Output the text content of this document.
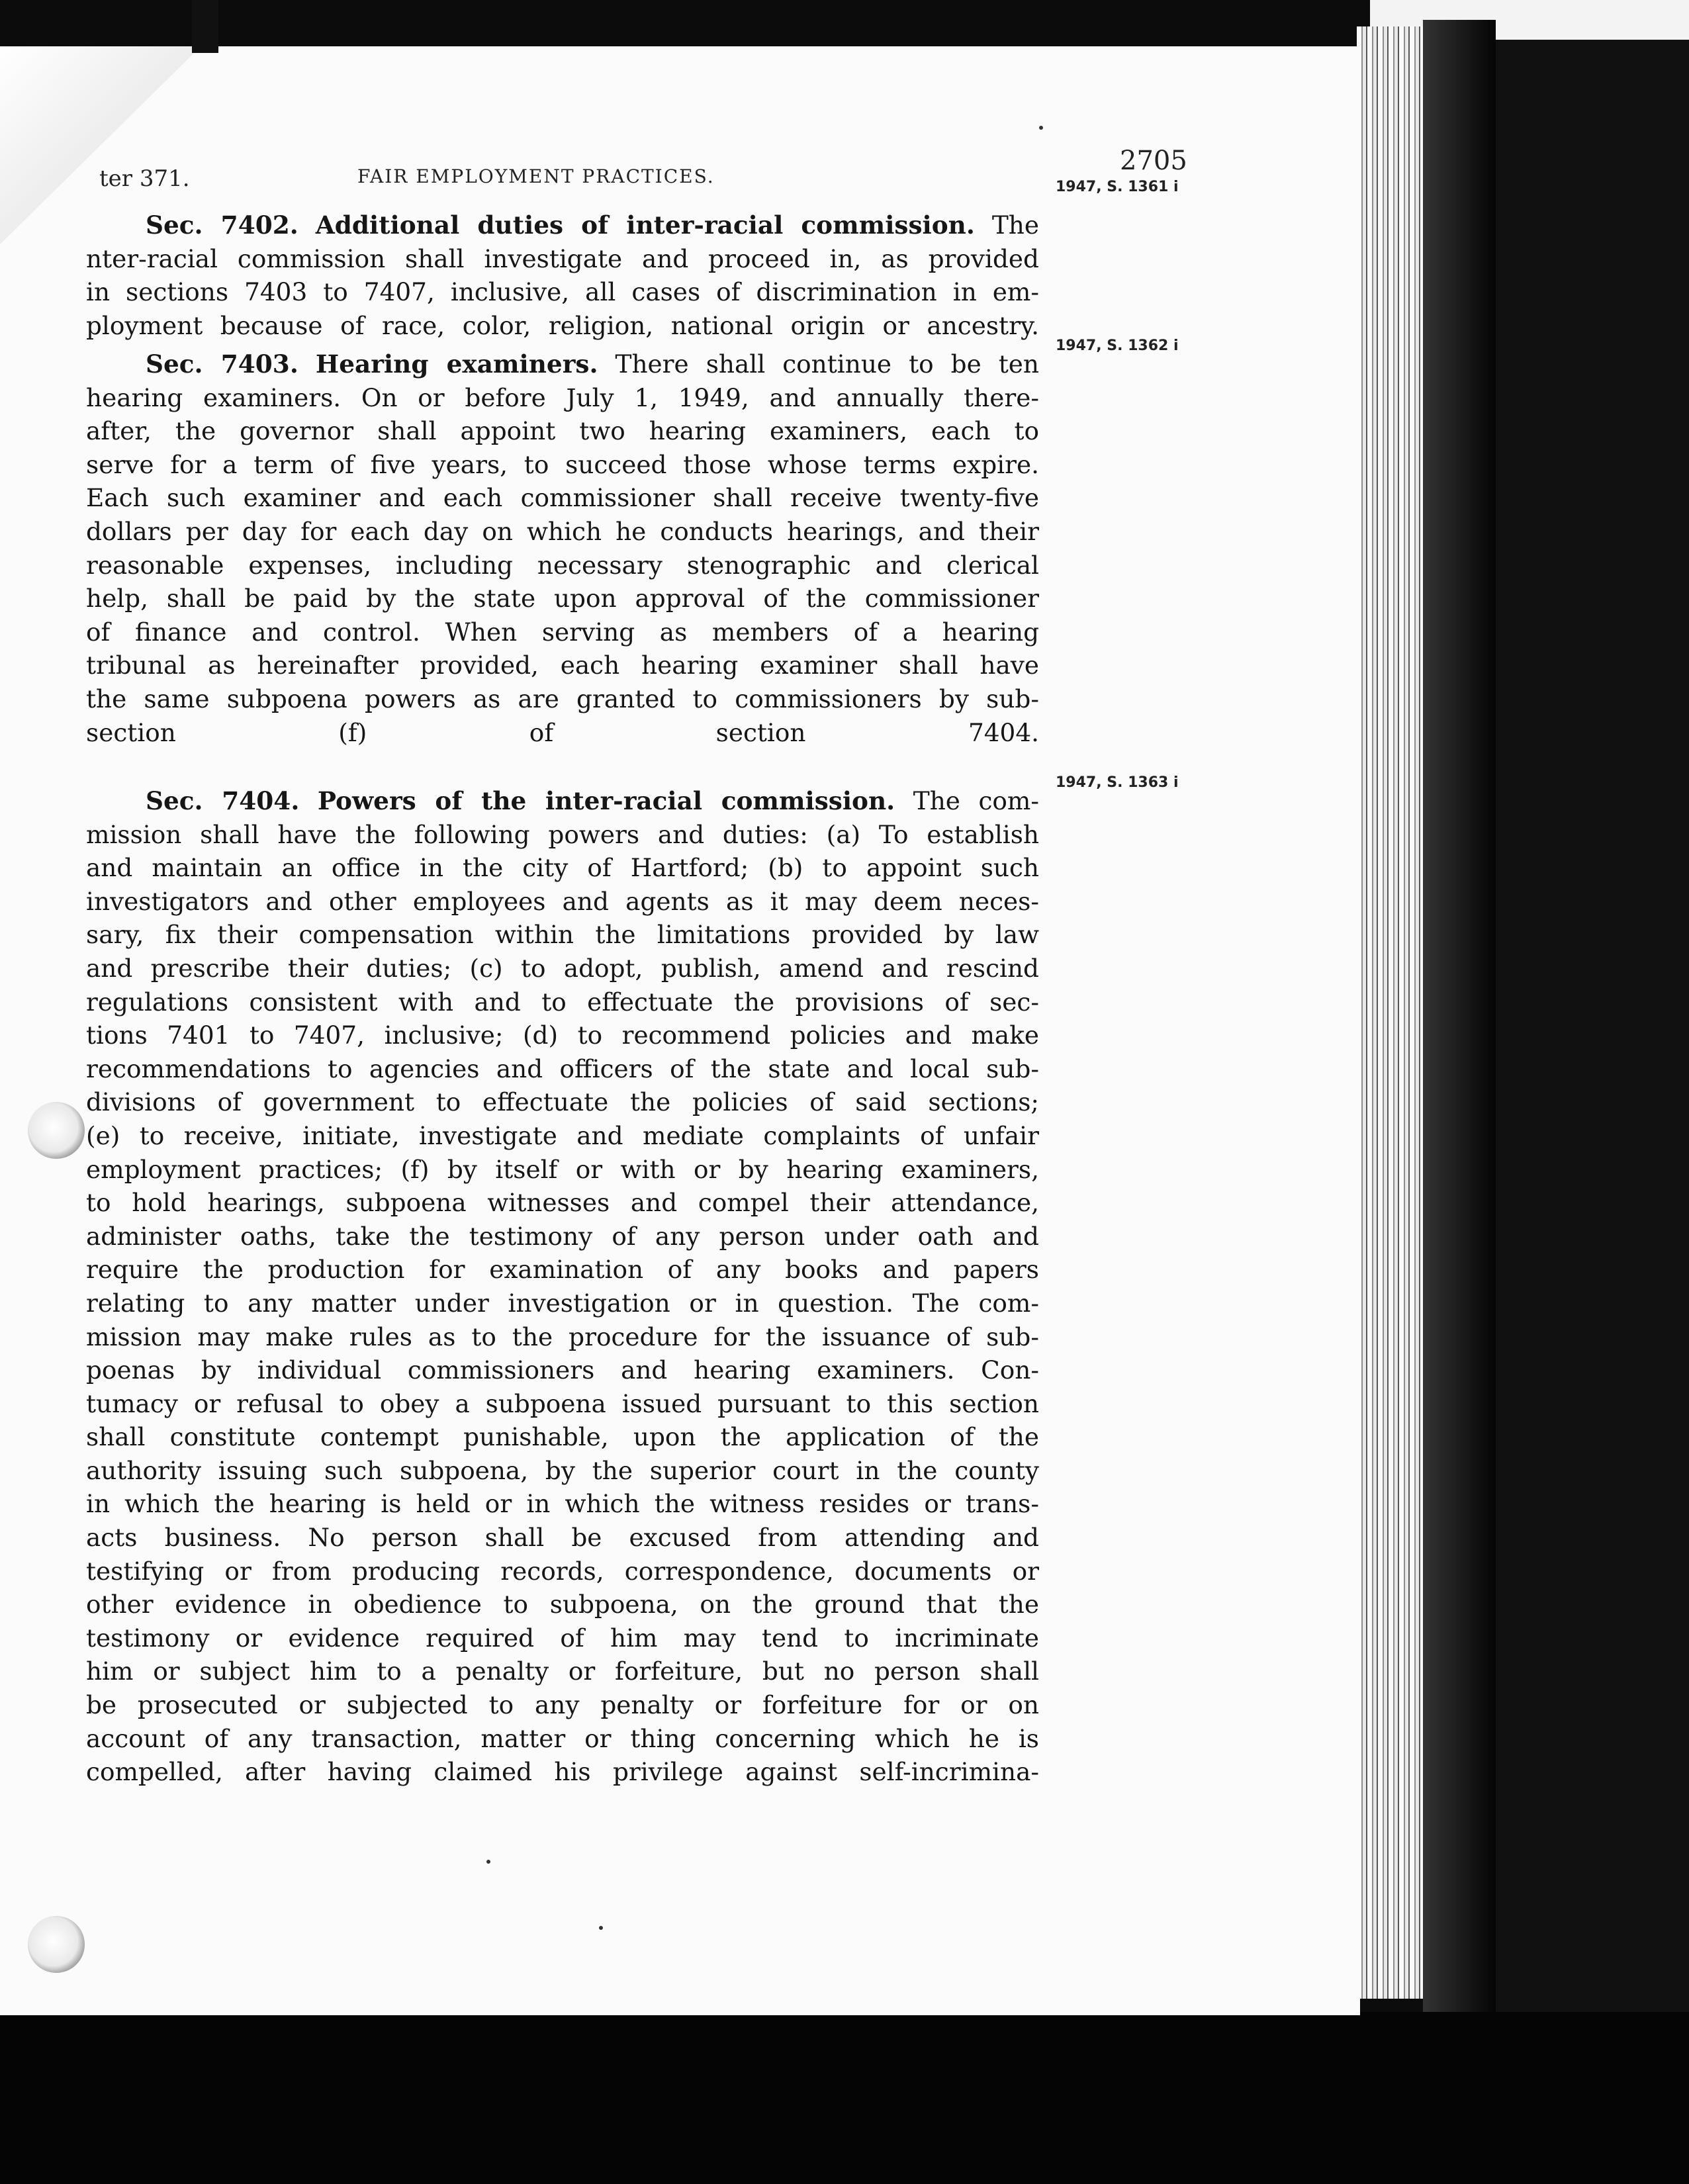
ter 371.	FAIR EMPLOYMENT PRACTICES.
2705
1947, S. 1361 i
Sec. 7402. Additional duties of inter-racial commission. The
nter-racial commission shall investigate and proceed in, as provided
in sections 7403 to 7407, inclusive, all cases of discrimination in em-
ployment because of race, color, religion, national origin or ancestry.
1947, S. 1362 i
Sec. 7403. Hearing examiners. There shall continue to be ten
hearing examiners. On or before July 1, 1949, and annually there-
after, the governor shall appoint two hearing examiners, each to
serve for a term of five years, to succeed those whose terms expire.
Each such examiner and each commissioner shall receive twenty-five
dollars per day for each day on which he conducts hearings, and their
reasonable expenses, including necessary stenographic and clerical
help, shall be paid by the state upon approval of the commissioner
of finance and control. When serving as members of a hearing
tribunal as hereinafter provided, each hearing examiner shall have
the same subpoena powers as are granted to commissioners by sub-
section (f) of section 7404.
1947, S. 1363 i
Sec. 7404. Powers of the inter-racial commission. The com-
mission shall have the following powers and duties: (a) To establish
and maintain an office in the city of Hartford; (b) to appoint such
investigators and other employees and agents as it may deem neces-
sary, fix their compensation within the limitations provided by law
and prescribe their duties; (c) to adopt, publish, amend and rescind
regulations consistent with and to effectuate the provisions of sec-
tions 7401 to 7407, inclusive; (d) to recommend policies and make
recommendations to agencies and officers of the state and local sub-
divisions of government to effectuate the policies of said sections;
(e) to receive, initiate, investigate and mediate complaints of unfair
employment practices; (f) by itself or with or by hearing examiners,
to hold hearings, subpoena witnesses and compel their attendance,
administer oaths, take the testimony of any person under oath and
require the production for examination of any books and papers
relating to any matter under investigation or in question. The com-
mission may make rules as to the procedure for the issuance of sub-
poenas by individual commissioners and hearing examiners. Con-
tumacy or refusal to obey a subpoena issued pursuant to this section
shall constitute contempt punishable, upon the application of the
authority issuing such subpoena, by the superior court in the county
in which the hearing is held or in which the witness resides or trans-
acts business. No person shall be excused from attending and
testifying or from producing records, correspondence, documents or
other evidence in obedience to subpoena, on the ground that the
testimony or evidence required of him may tend to incriminate
him or subject him to a penalty or forfeiture, but no person shall
be prosecuted or subjected to any penalty or forfeiture for or on
account of any transaction, matter or thing concerning which he is
compelled, after having claimed his privilege against self-incrimina-
